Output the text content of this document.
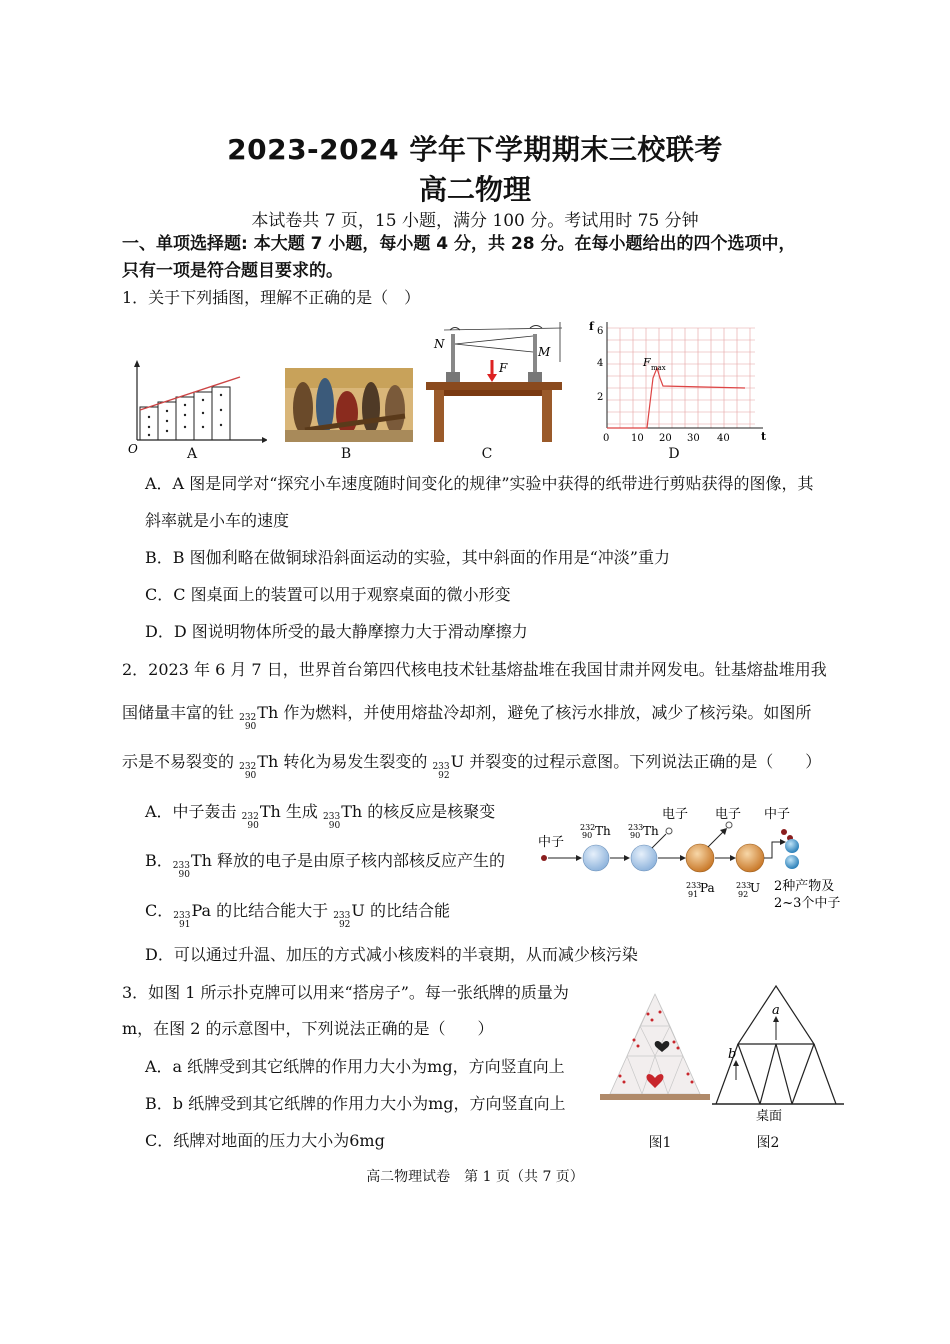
2023-2024 学年下学期期末三校联考
高二物理
本试卷共 7 页，15 小题，满分 100 分。考试用时 75 分钟
一、单项选择题: 本大题 7 小题，每小题 4 分，共 28 分。在每小题给出的四个选项中，
只有一项是符合题目要求的。
1．关于下列插图，理解不正确的是（　）
O	A	B
N
M
F
C
f
t
6
4
2
0 10 20 30 40
F max
D
A．A 图是同学对“探究小车速度随时间变化的规律”实验中获得的纸带进行剪贴获得的图像，其
斜率就是小车的速度
B．B 图伽利略在做铜球沿斜面运动的实验，其中斜面的作用是“冲淡”重力
C．C 图桌面上的装置可以用于观察桌面的微小形变
D．D 图说明物体所受的最大静摩擦力大于滑动摩擦力
2．2023 年 6 月 7 日，世界首台第四代核电技术钍基熔盐堆在我国甘肃并网发电。钍基熔盐堆用我
国储量丰富的钍 232
90
Th 作为燃料，并使用熔盐冷却剂，避免了核污水排放，减少了核污染。如图所
示是不易裂变的 232
90
Th 转化为易发生裂变的 233
92
U 并裂变的过程示意图。下列说法正确的是（　　）
A．中子轰击 232
90
Th 生成 233
90
Th 的核反应是核聚变
B． 233
90
Th 释放的电子是由原子核内部核反应产生的
C． 233
91
Pa 的比结合能大于 233
92
U 的比结合能
D．可以通过升温、加压的方式减小核废料的半衰期，从而减少核污染
中子
232
90 Th 233
90 Th
电子 电子 中子
233
91 Pa	233
92 U 2种产物及
2~3个中子
3．如图 1 所示扑克牌可以用来“搭房子”。每一张纸牌的质量为
m，在图 2 的示意图中，下列说法正确的是（　　）
A．a 纸牌受到其它纸牌的作用力大小为mg，方向竖直向上
B．b 纸牌受到其它纸牌的作用力大小为mg，方向竖直向上
C．纸牌对地面的压力大小为6mg	图1
a
b
桌面
图2
高二物理试卷　第 1 页（共 7 页）
